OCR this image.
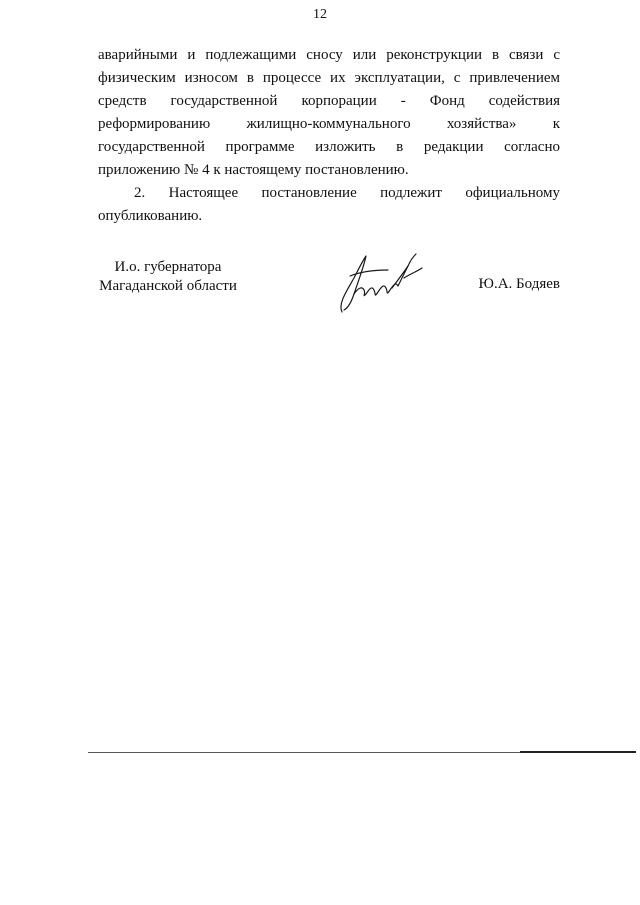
12

аварийными и подлежащими сносу или реконструкции в связи с физическим износом в процессе их эксплуатации, с привлечением средств государственной корпорации - Фонд содействия реформированию жилищно-коммунального хозяйства» к государственной программе изложить в редакции согласно приложению № 4 к настоящему постановлению.

2. Настоящее постановление подлежит официальному опубликованию.

И.о. губернатора
Магаданской области	Ю.А. Бодяев
